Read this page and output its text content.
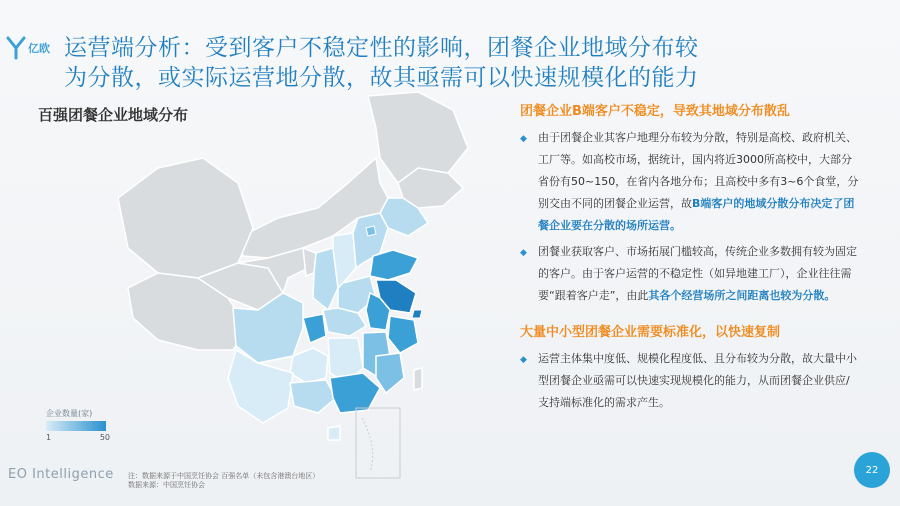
亿欧 运营端分析：受到客户不稳定性的影响，团餐企业地域分布较
为分散，或实际运营地分散，故其亟需可以快速规模化的能力
百强团餐企业地域分布
企业数量(家)
1	50
EO Intelligence 注：数据来源于中国烹饪协会 百强名单（未包含港澳台地区）
数据来源：中国烹饪协会
团餐企业B端客户不稳定，导致其地域分布散乱
◆ 由于团餐企业其客户地理分布较为分散，特别是高校、政府机关、工厂等。如高校市场，据统计，国内将近3000所高校中，大部分省份有50~150，在省内各地分布；且高校中多有3~6个食堂，分别交由不同的团餐企业运营，故B端客户的地域分散分布决定了团餐企业要在分散的场所运营。
◆ 团餐业获取客户、市场拓展门槛较高，传统企业多数拥有较为固定的客户。由于客户运营的不稳定性（如异地建工厂），企业往往需要“跟着客户走”，由此其各个经营场所之间距离也较为分散。
大量中小型团餐企业需要标准化，以快速复制
◆ 运营主体集中度低、规模化程度低、且分布较为分散，故大量中小型团餐企业亟需可以快速实现规模化的能力，从而团餐企业供应/支持端标准化的需求产生。
22
